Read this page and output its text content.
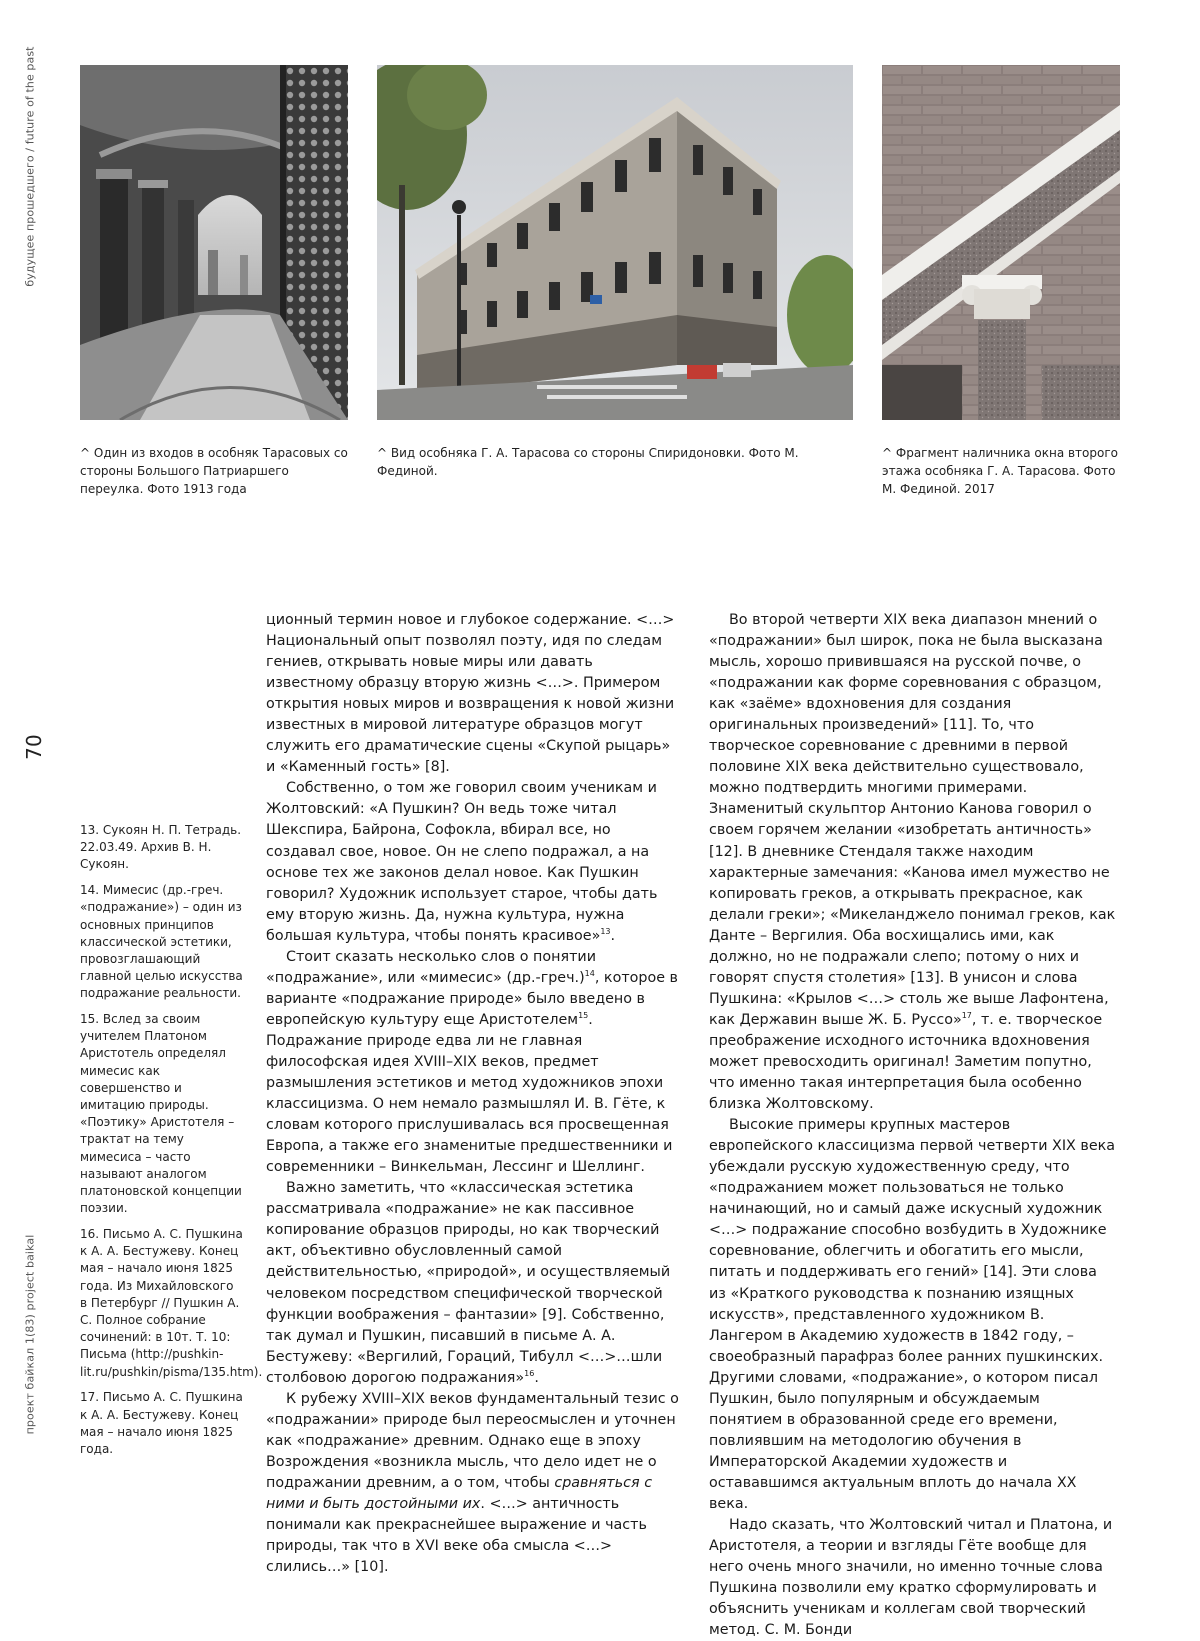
будущее прошедшего / future of the past
70
проект байкал 1(83) project baikal
^ Один из входов в особняк Тарасовых со стороны Большого Патриаршего переулка. Фото 1913 года
^ Вид особняка Г. А. Тарасова со стороны Спиридоновки. Фото М. Фединой.
^ Фрагмент наличника окна второго этажа особняка Г. А. Тарасова. Фото М. Фединой. 2017

13. Сукоян Н. П. Тетрадь. 22.03.49. Архив В. Н. Сукоян.

14. Мимесис (др.-греч. «подражание») – один из основных принципов классической эстетики, провозглашающий главной целью искусства подражание реальности.

15. Вслед за своим учителем Платоном Аристотель определял мимесис как совершенство и имитацию природы. «Поэтику» Аристотеля – трактат на тему мимесиса – часто называют аналогом платоновской концепции поэзии.

16. Письмо А. С. Пушкина к А. А. Бестужеву. Конец мая – начало июня 1825 года. Из Михайловского в Петербург // Пушкин А. С. Полное собрание сочинений: в 10т. Т. 10: Письма (http://pushkin-lit.ru/pushkin/pisma/135.htm).

17. Письмо А. С. Пушкина к А. А. Бестужеву. Конец мая – начало июня 1825 года.

ционный термин новое и глубокое содержание. <…> Национальный опыт позволял поэту, идя по следам гениев, открывать новые миры или давать известному образцу вторую жизнь <…>. Примером открытия новых миров и возвращения к новой жизни известных в мировой литературе образцов могут служить его драматические сцены «Скупой рыцарь» и «Каменный гость» [8].

Собственно, о том же говорил своим ученикам и Жолтовский: «А Пушкин? Он ведь тоже читал Шекспира, Байрона, Софокла, вбирал все, но создавал свое, новое. Он не слепо подражал, а на основе тех же законов делал новое. Как Пушкин говорил? Художник использует старое, чтобы дать ему вторую жизнь. Да, нужна культура, нужна большая культура, чтобы понять красивое»$^{13}$.

Стоит сказать несколько слов о понятии «подражание», или «мимесис» (др.-греч.)$^{14}$, которое в варианте «подражание природе» было введено в европейскую культуру еще Аристотелем$^{15}$. Подражание природе едва ли не главная философская идея XVIII–XIX веков, предмет размышления эстетиков и метод художников эпохи классицизма. О нем немало размышлял И. В. Гёте, к словам которого прислушивалась вся просвещенная Европа, а также его знаменитые предшественники и современники – Винкельман, Лессинг и Шеллинг.

Важно заметить, что «классическая эстетика рассматривала «подражание» не как пассивное копирование образцов природы, но как творческий акт, объективно обусловленный самой действительностью, «природой», и осуществляемый человеком посредством специфической творческой функции воображения – фантазии» [9]. Собственно, так думал и Пушкин, писавший в письме А. А. Бестужеву: «Вергилий, Гораций, Тибулл <…>…шли столбовою дорогою подражания»$^{16}$.

К рубежу XVIII–XIX веков фундаментальный тезис о «подражании» природе был переосмыслен и уточнен как «подражание» древним. Однако еще в эпоху Возрождения «возникла мысль, что дело идет не о подражании древним, а о том, чтобы сравняться с ними и быть достойными их. <…> античность понимали как прекраснейшее выражение и часть природы, так что в XVI веке оба смысла <…> слились…» [10].

Во второй четверти XIX века диапазон мнений о «подражании» был широк, пока не была высказана мысль, хорошо привившаяся на русской почве, о «подражании как форме соревнования с образцом, как «заёме» вдохновения для создания оригинальных произведений» [11]. То, что творческое соревнование с древними в первой половине XIX века действительно существовало, можно подтвердить многими примерами. Знаменитый скульптор Антонио Канова говорил о своем горячем желании «изобретать античность» [12]. В дневнике Стендаля также находим характерные замечания: «Канова имел мужество не копировать греков, а открывать прекрасное, как делали греки»; «Микеланджело понимал греков, как Данте – Вергилия. Оба восхищались ими, как должно, но не подражали слепо; потому о них и говорят спустя столетия» [13]. В унисон и слова Пушкина: «Крылов <…> столь же выше Лафонтена, как Державин выше Ж. Б. Руссо»$^{17}$, т. е. творческое преображение исходного источника вдохновения может превосходить оригинал! Заметим попутно, что именно такая интерпретация была особенно близка Жолтовскому.

Высокие примеры крупных мастеров европейского классицизма первой четверти XIX века убеждали русскую художественную среду, что «подражанием может пользоваться не только начинающий, но и самый даже искусный художник <…> подражание способно возбудить в Художнике соревнование, облегчить и обогатить его мысли, питать и поддерживать его гений» [14]. Эти слова из «Краткого руководства к познанию изящных искусств», представленного художником В. Лангером в Академию художеств в 1842 году, – своеобразный парафраз более ранних пушкинских. Другими словами, «подражание», о котором писал Пушкин, было популярным и обсуждаемым понятием в образованной среде его времени, повлиявшим на методологию обучения в Императорской Академии художеств и остававшимся актуальным вплоть до начала XX века.

Надо сказать, что Жолтовский читал и Платона, и Аристотеля, а теории и взгляды Гёте вообще для него очень много значили, но именно точные слова Пушкина позволили ему кратко сформулировать и объяснить ученикам и коллегам свой творческий метод. С. М. Бонди
